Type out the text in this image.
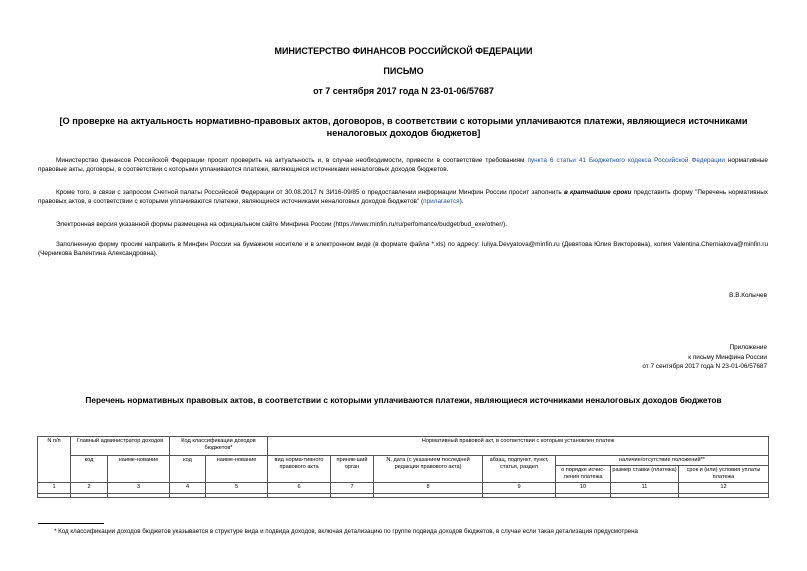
МИНИСТЕРСТВО ФИНАНСОВ РОССИЙСКОЙ ФЕДЕРАЦИИ
ПИСЬМО
от 7 сентября 2017 года N 23-01-06/57687
[О проверке на актуальность нормативно-правовых актов, договоров, в соответствии с которыми уплачиваются платежи, являющиеся источниками неналоговых доходов бюджетов]
Министерство финансов Российской Федерации просит проверить на актуальность и, в случае необходимости, привести в соответствие требованиям пункта 6 статьи 41 Бюджетного кодекса Российской Федерации нормативные правовые акты, договоры, в соответствии с которыми уплачиваются платежи, являющиеся источниками неналоговых доходов бюджетов.
Кроме того, в связи с запросом Счетной палаты Российской Федерации от 30.08.2017 N ЗИ16-09/85 о предоставлении информации Минфин России просит заполнить в кратчайшие сроки представить форму "Перечень нормативных правовых актов, в соответствии с которыми уплачиваются платежи, являющиеся источниками неналоговых доходов бюджетов" (прилагается).
Электронная версия указанной формы размещена на официальном сайте Минфина России (https://www.minfin.ru/ru/perfomance/budget/bud_exe/other/).
Заполненную форму просим направить в Минфин России на бумажном носителе и в электронном виде (в формате файла *.xls) по адресу: Iuliya.Devyatova@minfin.ru (Девятова Юлия Викторовна), копия Valentina.Cherniakova@minfin.ru (Черникова Валентина Александровна).
В.В.Колычев
Приложение
к письму Минфина России
от 7 сентября 2017 года N 23-01-06/57687
Перечень нормативных правовых актов, в соответствии с которыми уплачиваются платежи, являющиеся источниками неналоговых доходов бюджетов
N п/п	Главный администратор доходов		Код классификации доходов бюджетов*		Нормативный правовой акт, в соответствии с которым установлен платеж						
	код	наиме-нование	код	наиме-нование	вид норма-тивного правового акта	приняв-ший орган	N, дата (с указанием последней редакции правового акта)	абзац, подпункт, пункт, статья, раздел	наличие/отсутствие положений**		
									о порядке исчис-ления платежа	размер ставки (платежа)	срок и (или) условия уплаты платежа
1	2	3	4	5	6	7	8	9	10	11	12

* Код классификации доходов бюджетов указывается в структуре вида и подвида доходов, включая детализацию по группе подвида доходов бюджетов, в случае если такая детализация предусмотрена
